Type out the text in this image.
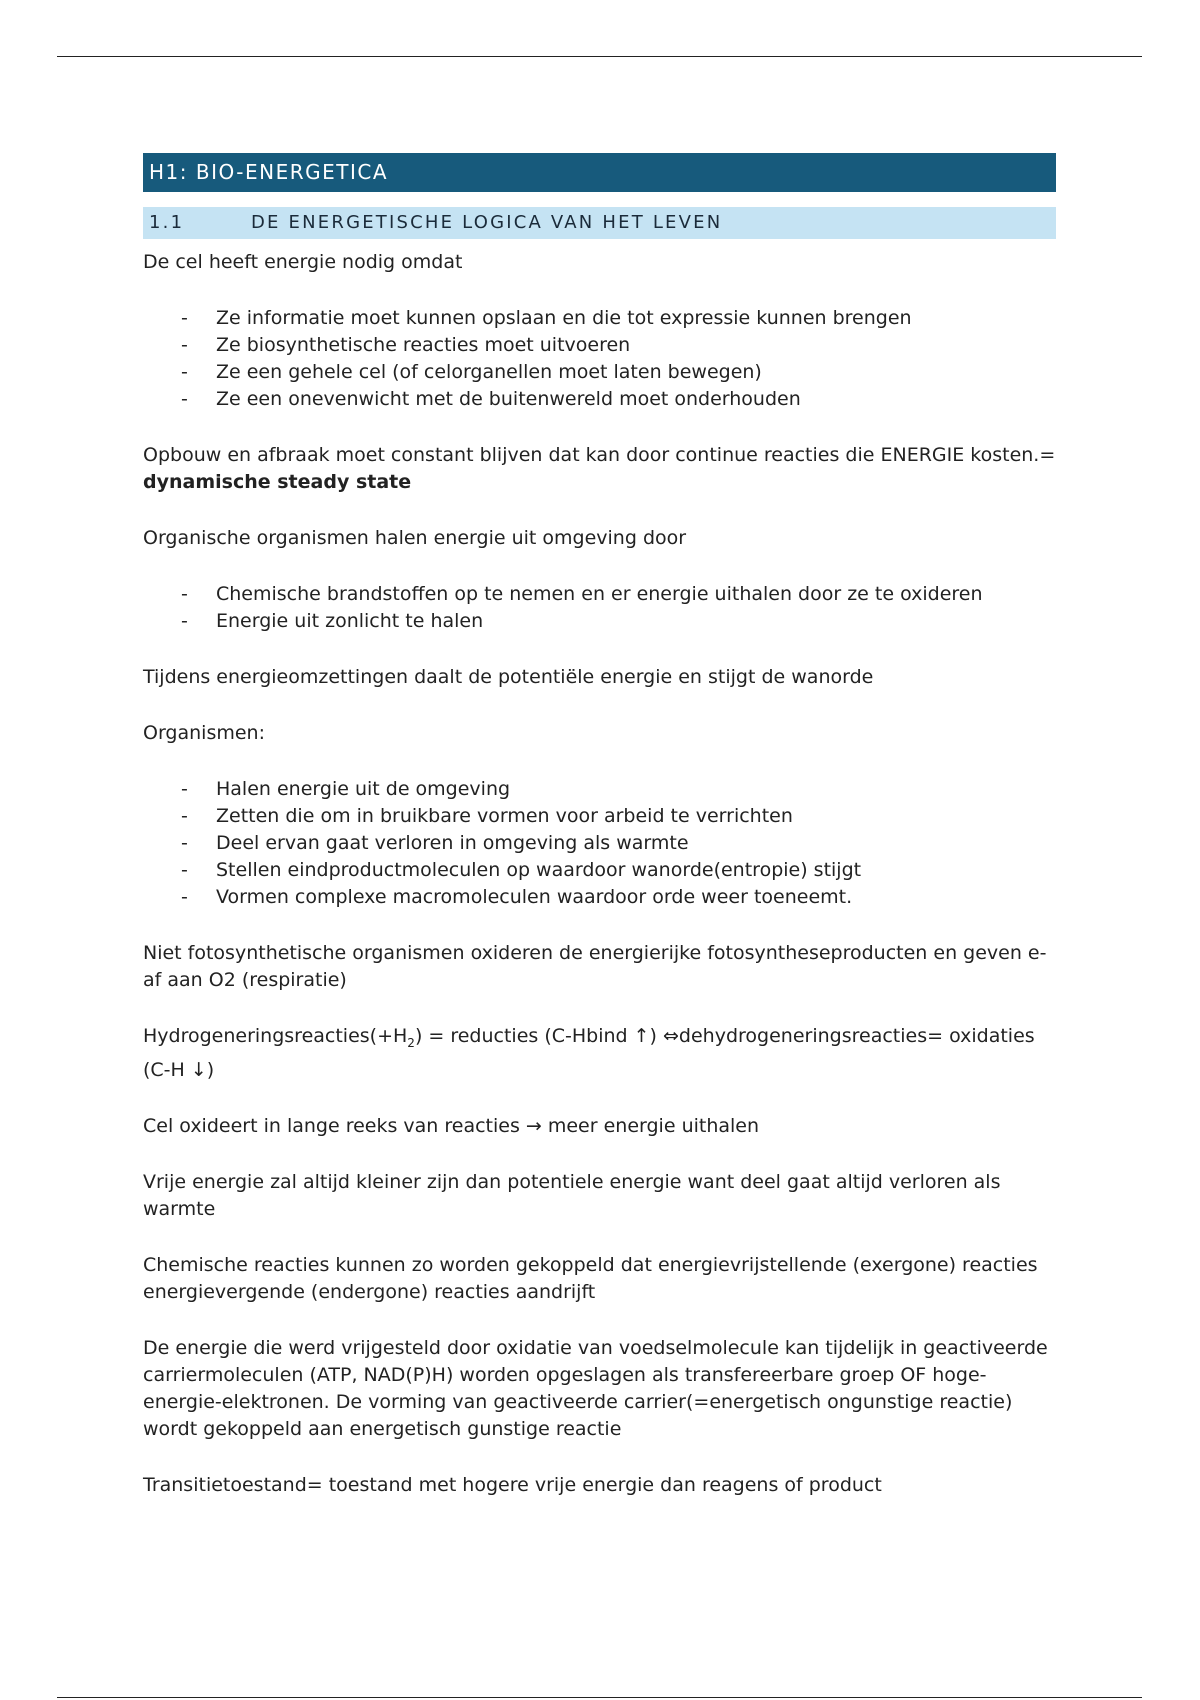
H1: BIO-ENERGETICA
1.1	DE ENERGETISCHE LOGICA VAN HET LEVEN

De cel heeft energie nodig omdat

- Ze informatie moet kunnen opslaan en die tot expressie kunnen brengen
- Ze biosynthetische reacties moet uitvoeren
- Ze een gehele cel (of celorganellen moet laten bewegen)
- Ze een onevenwicht met de buitenwereld moet onderhouden

Opbouw en afbraak moet constant blijven dat kan door continue reacties die ENERGIE kosten.= dynamische steady state

Organische organismen halen energie uit omgeving door

- Chemische brandstoffen op te nemen en er energie uithalen door ze te oxideren
- Energie uit zonlicht te halen

Tijdens energieomzettingen daalt de potentiële energie en stijgt de wanorde

Organismen:

- Halen energie uit de omgeving
- Zetten die om in bruikbare vormen voor arbeid te verrichten
- Deel ervan gaat verloren in omgeving als warmte
- Stellen eindproductmoleculen op waardoor wanorde(entropie) stijgt
- Vormen complexe macromoleculen waardoor orde weer toeneemt.

Niet fotosynthetische organismen oxideren de energierijke fotosyntheseproducten en geven e- af aan O2 (respiratie)

$Hydrogeneringsreacties(+H_2)$ = reducties (C-Hbind ↑) ⇔dehydrogeneringsreacties= oxidaties (C-H ↓)

Cel oxideert in lange reeks van reacties → meer energie uithalen

Vrije energie zal altijd kleiner zijn dan potentiele energie want deel gaat altijd verloren als warmte

Chemische reacties kunnen zo worden gekoppeld dat energievrijstellende (exergone) reacties energievergende (endergone) reacties aandrijft

De energie die werd vrijgesteld door oxidatie van voedselmolecule kan tijdelijk in geactiveerde carriermoleculen (ATP, NAD(P)H) worden opgeslagen als transfereerbare groep OF hoge-energie-elektronen. De vorming van geactiveerde carrier(=energetisch ongunstige reactie) wordt gekoppeld aan energetisch gunstige reactie

Transitietoestand= toestand met hogere vrije energie dan reagens of product
